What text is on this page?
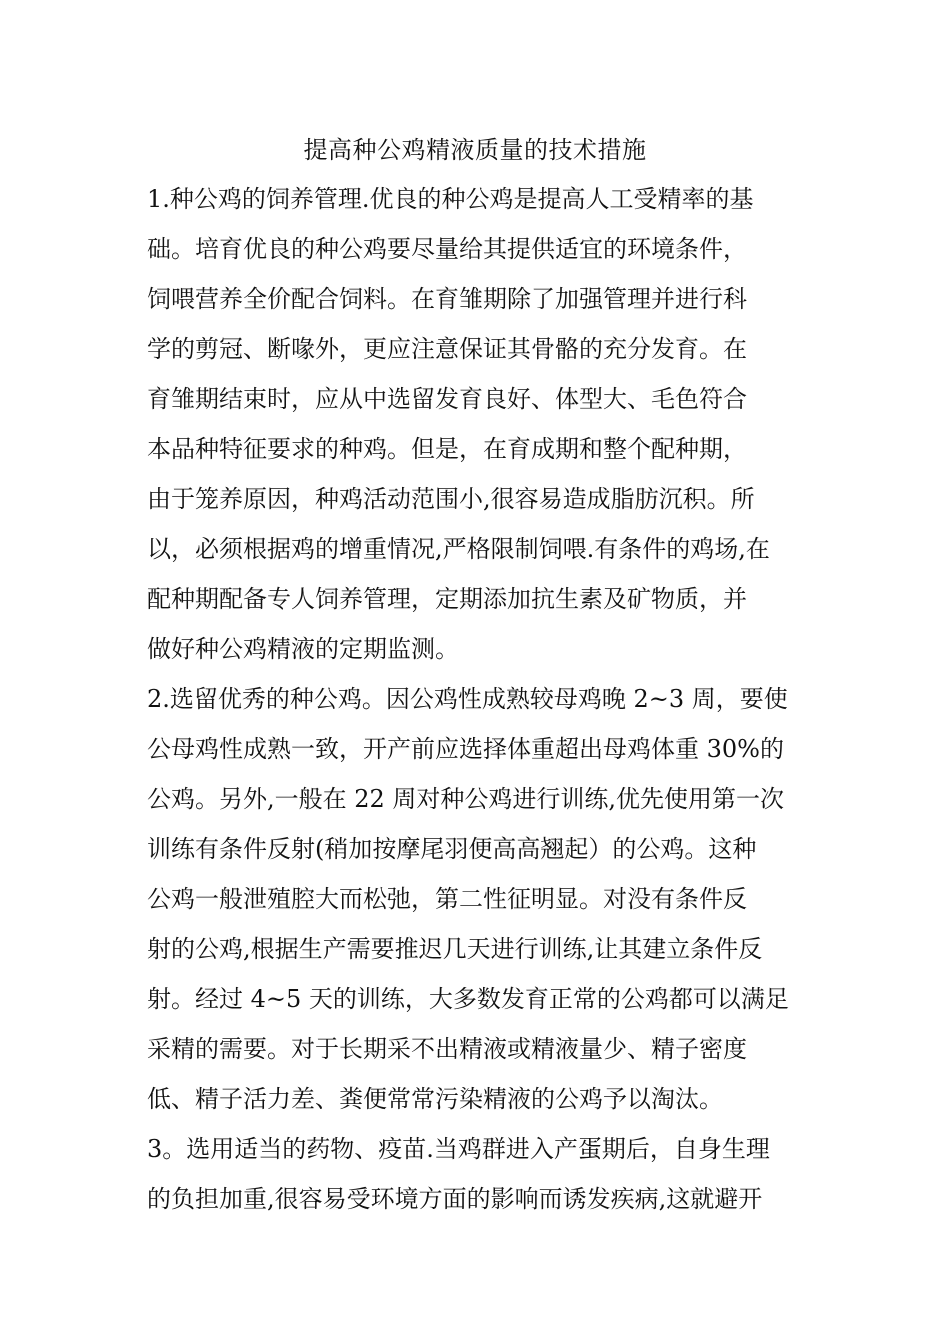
提高种公鸡精液质量的技术措施
1.种公鸡的饲养管理.优良的种公鸡是提高人工受精率的基
础。培育优良的种公鸡要尽量给其提供适宜的环境条件，
饲喂营养全价配合饲料。在育雏期除了加强管理并进行科
学的剪冠、断喙外，更应注意保证其骨骼的充分发育。在
育雏期结束时，应从中选留发育良好、体型大、毛色符合
本品种特征要求的种鸡。但是，在育成期和整个配种期，
由于笼养原因，种鸡活动范围小,很容易造成脂肪沉积。所
以，必须根据鸡的增重情况,严格限制饲喂.有条件的鸡场,在
配种期配备专人饲养管理，定期添加抗生素及矿物质，并
做好种公鸡精液的定期监测。
2.选留优秀的种公鸡。因公鸡性成熟较母鸡晚 2~3 周，要使
公母鸡性成熟一致，开产前应选择体重超出母鸡体重 30%的
公鸡。另外,一般在 22 周对种公鸡进行训练,优先使用第一次
训练有条件反射(稍加按摩尾羽便高高翘起）的公鸡。这种
公鸡一般泄殖腔大而松弛，第二性征明显。对没有条件反
射的公鸡,根据生产需要推迟几天进行训练,让其建立条件反
射。经过 4~5 天的训练，大多数发育正常的公鸡都可以满足
采精的需要。对于长期采不出精液或精液量少、精子密度
低、精子活力差、粪便常常污染精液的公鸡予以淘汰。
3。选用适当的药物、疫苗.当鸡群进入产蛋期后，自身生理
的负担加重,很容易受环境方面的影响而诱发疾病,这就避开
